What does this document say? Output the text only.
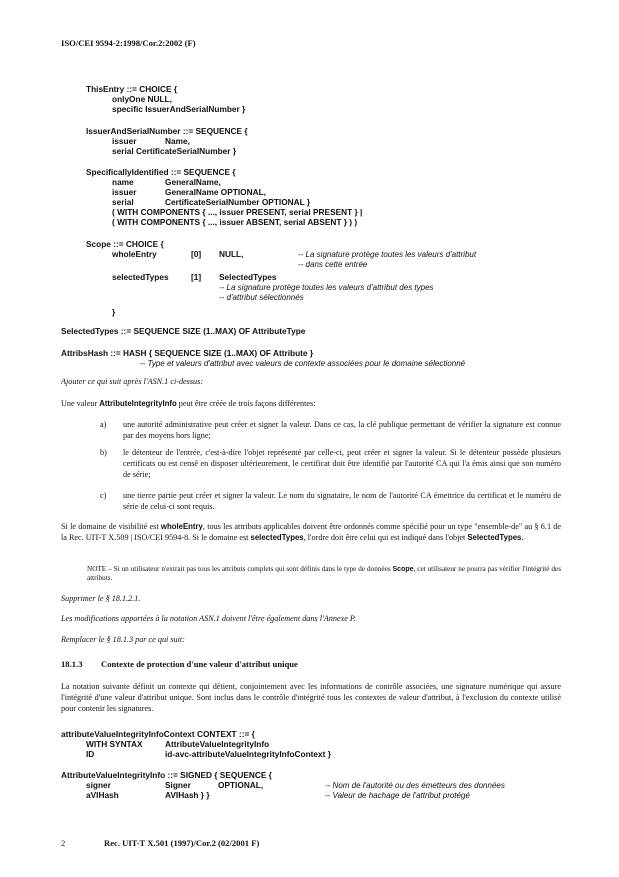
ISO/CEI 9594-2:1998/Cor.2:2002 (F)
ThisEntry ::= CHOICE {
onlyOne NULL,
specific IssuerAndSerialNumber }
IssuerAndSerialNumber ::= SEQUENCE {
issuer	Name,
serial CertificateSerialNumber }
SpecificallyIdentified ::= SEQUENCE {
name	GeneralName,
issuer	GeneralName OPTIONAL,
serial	CertificateSerialNumber OPTIONAL }
( WITH COMPONENTS { ..., issuer PRESENT, serial PRESENT } |
( WITH COMPONENTS { ..., issuer ABSENT, serial ABSENT } ) )
Scope ::= CHOICE {
wholeEntry	[0] NULL,	-- La signature protège toutes les valeurs d'attribut
-- dans cette entrée
selectedTypes	[1] SelectedTypes
-- La signature protège toutes les valeurs d'attribut des types
-- d'attribut sélectionnés
}
SelectedTypes ::= SEQUENCE SIZE (1..MAX) OF AttributeType
AttribsHash ::= HASH { SEQUENCE SIZE (1..MAX) OF Attribute }
-- Type et valeurs d'attribut avec valeurs de contexte associées pour le domaine sélectionné
Ajouter ce qui suit après l'ASN.1 ci-dessus:
Une valeur AttributeIntegrityInfo peut être créée de trois façons différentes:
a) une autorité administrative peut créer et signer la valeur. Dans ce cas, la clé publique permettant de vérifier la signature est connue par des moyens hors ligne;
b) le détenteur de l'entrée, c'est-à-dire l'objet représenté par celle-ci, peut créer et signer la valeur. Si le détenteur possède plusieurs certificats ou est censé en disposer ultérieurement, le certificat doit être identifié par l'autorité CA qui l'a émis ainsi que son numéro de série;
c) une tierce partie peut créer et signer la valeur. Le nom du signataire, le nom de l'autorité CA émettrice du certificat et le numéro de série de celui-ci sont requis.
Si le domaine de visibilité est wholeEntry, tous les attributs applicables doivent être ordonnés comme spécifié pour un type "ensemble-de" au § 6.1 de la Rec. UIT-T X.509 | ISO/CEI 9594-8. Si le domaine est selectedTypes, l'ordre doit être celui qui est indiqué dans l'objet SelectedTypes.
NOTE – Si un utilisateur n'extrait pas tous les attributs complets qui sont définis dans le type de données Scope, cet utilisateur ne pourra pas vérifier l'intégrité des attributs.
Supprimer le § 18.1.2.1.
Les modifications apportées à la notation ASN.1 doivent l'être également dans l'Annexe P.
Remplacer le § 18.1.3 par ce qui suit:
18.1.3 Contexte de protection d'une valeur d'attribut unique
La notation suivante définit un contexte qui détient, conjointement avec les informations de contrôle associées, une signature numérique qui assure l'intégrité d'une valeur d'attribut unique. Sont inclus dans le contrôle d'intégrité tous les contextes de valeur d'attribut, à l'exclusion du contexte utilisé pour contenir les signatures.
attributeValueIntegrityInfoContext CONTEXT ::= {
WITH SYNTAX	AttributeValueIntegrityInfo
ID	id-avc-attributeValueIntegrityInfoContext }
AttributeValueIntegrityInfo ::= SIGNED { SEQUENCE {
signer	Signer	OPTIONAL,	-- Nom de l'autorité ou des émetteurs des données
aVIHash	AVIHash } }	-- Valeur de hachage de l'attribut protégé
2	Rec. UIT-T X.501 (1997)/Cor.2 (02/2001 F)
